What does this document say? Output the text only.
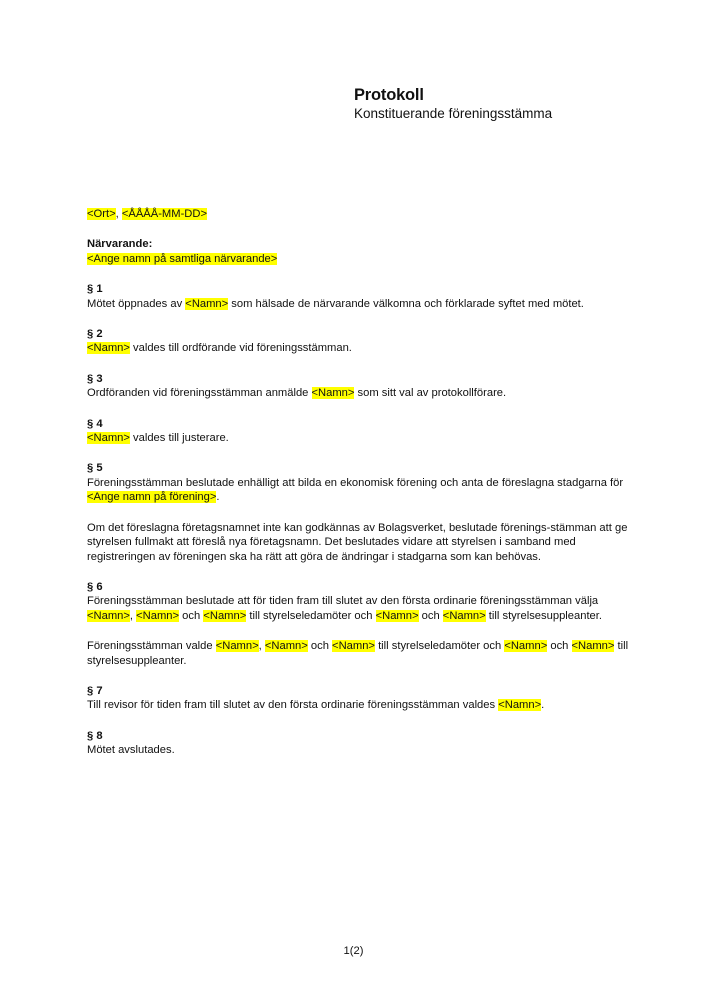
Protokoll
Konstituerande föreningsstämma

<Ort>, <ÅÅÅÅ-MM-DD>

Närvarande:

<Ange namn på samtliga närvarande>

§ 1

Mötet öppnades av <Namn> som hälsade de närvarande välkomna och förklarade syftet med mötet.

§ 2

<Namn> valdes till ordförande vid föreningsstämman.

§ 3

Ordföranden vid föreningsstämman anmälde <Namn> som sitt val av protokollförare.

§ 4

<Namn> valdes till justerare.

§ 5

Föreningsstämman beslutade enhälligt att bilda en ekonomisk förening och anta de föreslagna stadgarna för <Ange namn på förening>.

Om det föreslagna företagsnamnet inte kan godkännas av Bolagsverket, beslutade förenings-stämman att ge styrelsen fullmakt att föreslå nya företagsnamn. Det beslutades vidare att styrelsen i samband med registreringen av föreningen ska ha rätt att göra de ändringar i stadgarna som kan behövas.

§ 6

Föreningsstämman beslutade att för tiden fram till slutet av den första ordinarie föreningsstämman välja <Namn>, <Namn> och <Namn> till styrelseledamöter och <Namn> och <Namn> till styrelsesuppleanter.

Föreningsstämman valde <Namn>, <Namn> och <Namn> till styrelseledamöter och <Namn> och <Namn> till styrelsesuppleanter.

§ 7

Till revisor för tiden fram till slutet av den första ordinarie föreningsstämman valdes <Namn>.

§ 8

Mötet avslutades.

1(2)
